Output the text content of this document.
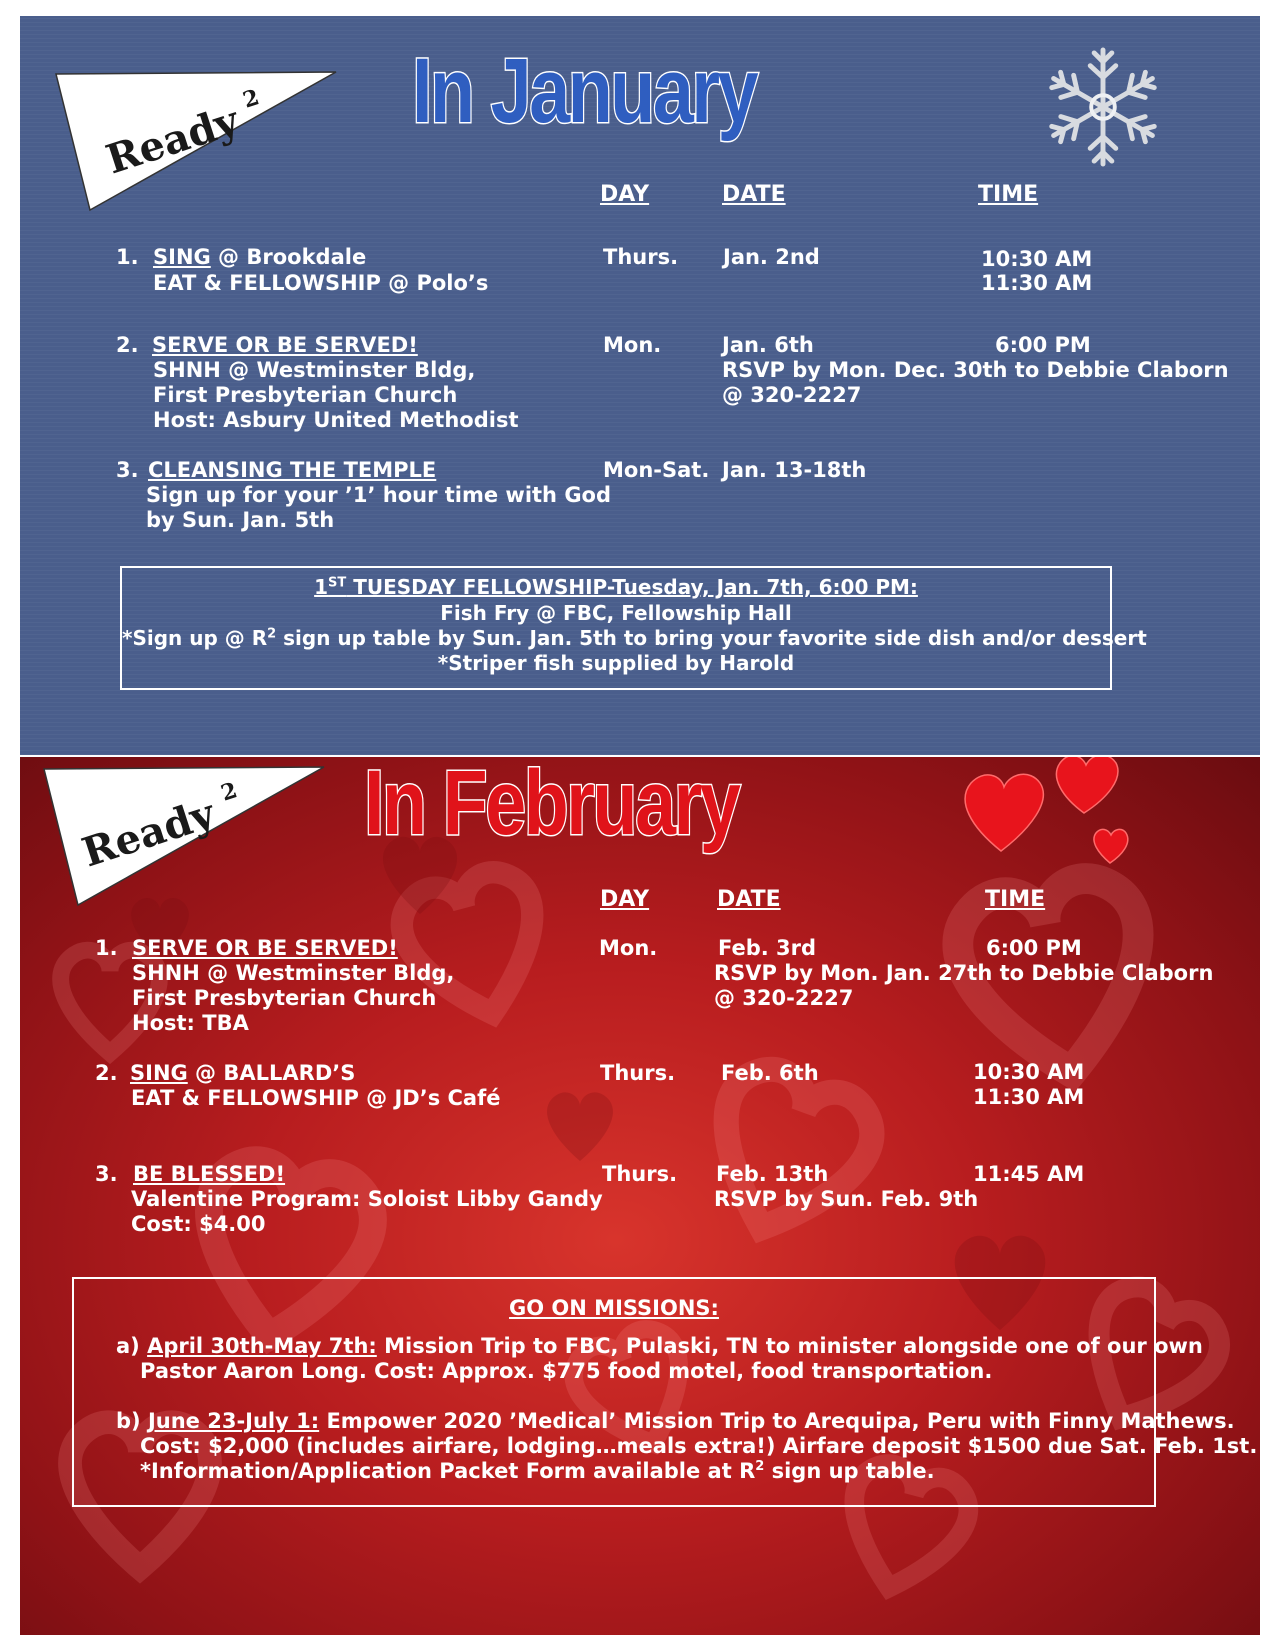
Ready
2 In January
DAY	DATE	TIME
1. SING @ Brookdale
EAT & FELLOWSHIP @ Polo’s
Thurs. Jan. 2nd	10:30 AM
11:30 AM
2. SERVE OR BE SERVED!
SHNH @ Westminster Bldg,
First Presbyterian Church
Host: Asbury United Methodist
Mon.	Jan. 6th	6:00 PM
RSVP by Mon. Dec. 30th to Debbie Claborn
@ 320-2227
3. CLEANSING THE TEMPLE
Sign up for your ’1’ hour time with God
by Sun. Jan. 5th
Mon-Sat. Jan. 13-18th
1ST TUESDAY FELLOWSHIP-Tuesday, Jan. 7th, 6:00 PM:
Fish Fry @ FBC, Fellowship Hall
*Sign up @ $R^2$ sign up table by Sun. Jan. 5th to bring your favorite side dish and/or dessert
*Striper fish supplied by Harold
Ready
2 In February
DAY	DATE	TIME
1. SERVE OR BE SERVED!
SHNH @ Westminster Bldg,
First Presbyterian Church
Host: TBA
Mon.	Feb. 3rd	6:00 PM
RSVP by Mon. Jan. 27th to Debbie Claborn
@ 320-2227
2. SING @ BALLARD’S
EAT & FELLOWSHIP @ JD’s Café
Thurs. Feb. 6th	10:30 AM
11:30 AM
3. BE BLESSED!
Valentine Program: Soloist Libby Gandy
Cost: $4.00
Thurs. Feb. 13th	11:45 AM
RSVP by Sun. Feb. 9th
GO ON MISSIONS:
a) April 30th-May 7th: Mission Trip to FBC, Pulaski, TN to minister alongside one of our own
Pastor Aaron Long. Cost: Approx. $775 food motel, food transportation.
b) June 23-July 1: Empower 2020 ’Medical’ Mission Trip to Arequipa, Peru with Finny Mathews.
Cost: $2,000 (includes airfare, lodging…meals extra!) Airfare deposit $1500 due Sat. Feb. 1st.
*Information/Application Packet Form available at $R^2$ sign up table.
